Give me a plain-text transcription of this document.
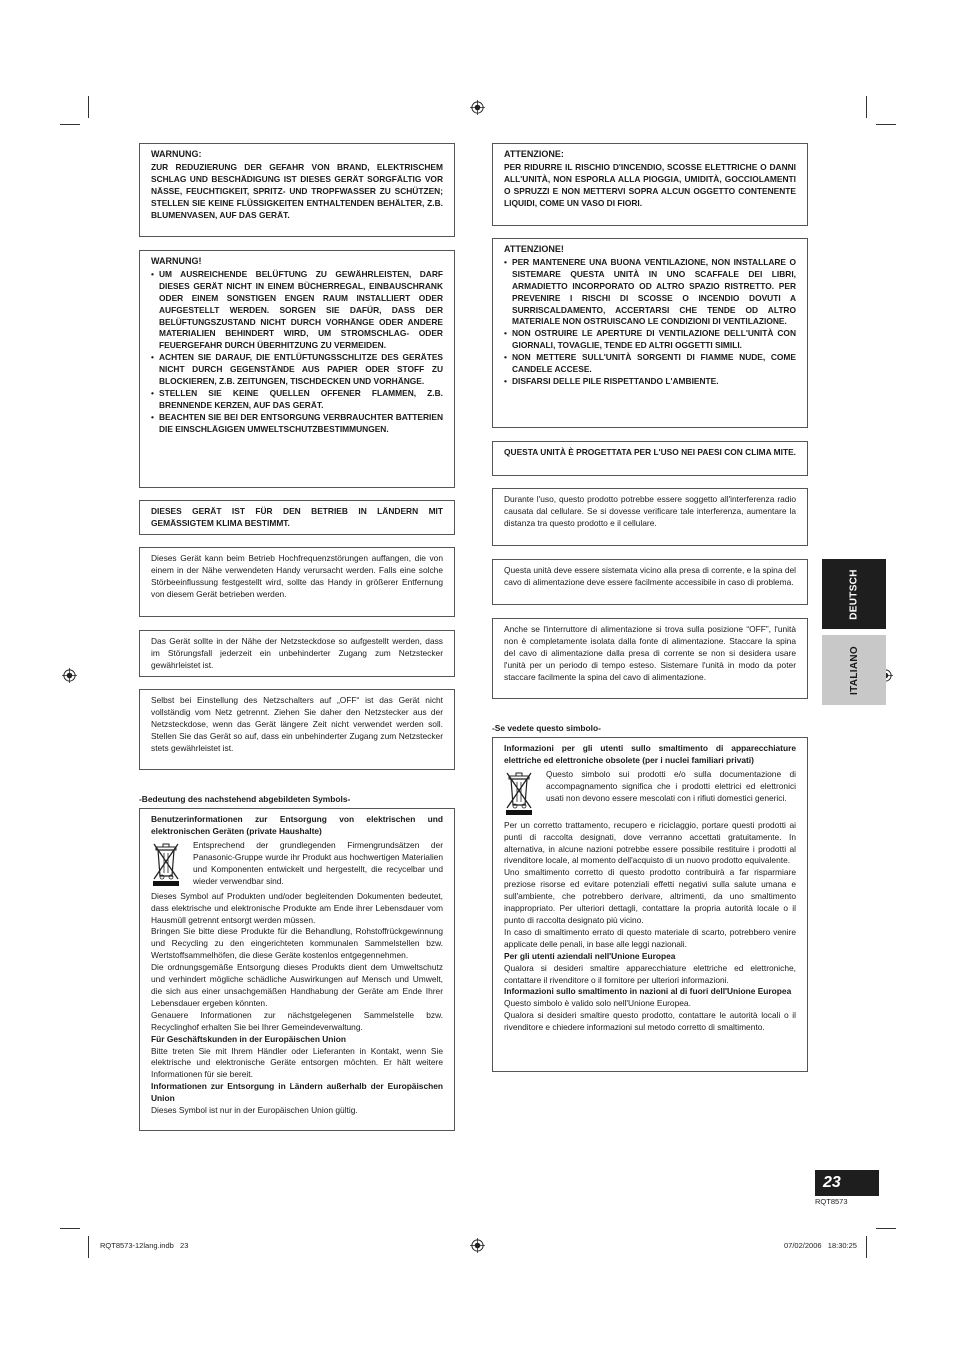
WARNUNG:
ZUR REDUZIERUNG DER GEFAHR VON BRAND, ELEKTRISCHEM SCHLAG UND BESCHÄDIGUNG IST DIESES GERÄT SORGFÄLTIG VOR NÄSSE, FEUCHTIGKEIT, SPRITZ- UND TROPFWASSER ZU SCHÜTZEN; STELLEN SIE KEINE FLÜSSIGKEITEN ENTHALTENDEN BEHÄLTER, Z.B. BLUMENVASEN, AUF DAS GERÄT.
WARNUNG!
• UM AUSREICHENDE BELÜFTUNG ZU GEWÄHRLEISTEN, DARF DIESES GERÄT NICHT IN EINEM BÜCHERREGAL, EINBAUSCHRANK ODER EINEM SONSTIGEN ENGEN RAUM INSTALLIERT ODER AUFGESTELLT WERDEN. SORGEN SIE DAFÜR, DASS DER BELÜFTUNGSZUSTAND NICHT DURCH VORHÄNGE ODER ANDERE MATERIALIEN BEHINDERT WIRD, UM STROMSCHLAG- ODER FEUERGEFAHR DURCH ÜBERHITZUNG ZU VERMEIDEN.
• ACHTEN SIE DARAUF, DIE ENTLÜFTUNGSSCHLITZE DES GERÄTES NICHT DURCH GEGENSTÄNDE AUS PAPIER ODER STOFF ZU BLOCKIEREN, Z.B. ZEITUNGEN, TISCHDECKEN UND VORHÄNGE.
• STELLEN SIE KEINE QUELLEN OFFENER FLAMMEN, Z.B. BRENNENDE KERZEN, AUF DAS GERÄT.
• BEACHTEN SIE BEI DER ENTSORGUNG VERBRAUCHTER BATTERIEN DIE EINSCHLÄGIGEN UMWELTSCHUTZBESTIMMUNGEN.
DIESES GERÄT IST FÜR DEN BETRIEB IN LÄNDERN MIT GEMÄSSIGTEM KLIMA BESTIMMT.
Dieses Gerät kann beim Betrieb Hochfrequenzstörungen auffangen, die von einem in der Nähe verwendeten Handy verursacht werden. Falls eine solche Störbeeinflussung festgestellt wird, sollte das Handy in größerer Entfernung von diesem Gerät betrieben werden.
Das Gerät sollte in der Nähe der Netzsteckdose so aufgestellt werden, dass im Störungsfall jederzeit ein unbehinderter Zugang zum Netzstecker gewährleistet ist.
Selbst bei Einstellung des Netzschalters auf „OFF“ ist das Gerät nicht vollständig vom Netz getrennt. Ziehen Sie daher den Netzstecker aus der Netzsteckdose, wenn das Gerät längere Zeit nicht verwendet werden soll. Stellen Sie das Gerät so auf, dass ein unbehinderter Zugang zum Netzstecker stets gewährleistet ist.
-Bedeutung des nachstehend abgebildeten Symbols-
Benutzerinformationen zur Entsorgung von elektrischen und elektronischen Geräten (private Haushalte)
Entsprechend der grundlegenden Firmengrundsätzen der Panasonic-Gruppe wurde ihr Produkt aus hochwertigen Materialien und Komponenten entwickelt und hergestellt, die recycelbar und wieder verwendbar sind.

Dieses Symbol auf Produkten und/oder begleitenden Dokumenten bedeutet, dass elektrische und elektronische Produkte am Ende ihrer Lebensdauer vom Hausmüll getrennt entsorgt werden müssen.

Bringen Sie bitte diese Produkte für die Behandlung, Rohstoffrückgewinnung und Recycling zu den eingerichteten kommunalen Sammelstellen bzw. Wertstoffsammelhöfen, die diese Geräte kostenlos entgegennehmen.

Die ordnungsgemäße Entsorgung dieses Produkts dient dem Umweltschutz und verhindert mögliche schädliche Auswirkungen auf Mensch und Umwelt, die sich aus einer unsachgemäßen Handhabung der Geräte am Ende Ihrer Lebensdauer ergeben könnten.

Genauere Informationen zur nächstgelegenen Sammelstelle bzw. Recyclinghof erhalten Sie bei Ihrer Gemeindeverwaltung.

Für Geschäftskunden in der Europäischen Union

Bitte treten Sie mit Ihrem Händler oder Lieferanten in Kontakt, wenn Sie elektrische und elektronische Geräte entsorgen möchten. Er hält weitere Informationen für sie bereit.

Informationen zur Entsorgung in Ländern außerhalb der Europäischen Union

Dieses Symbol ist nur in der Europäischen Union gültig.

ATTENZIONE:
PER RIDURRE IL RISCHIO D'INCENDIO, SCOSSE ELETTRICHE O DANNI ALL'UNITÀ, NON ESPORLA ALLA PIOGGIA, UMIDITÀ, GOCCIOLAMENTI O SPRUZZI E NON METTERVI SOPRA ALCUN OGGETTO CONTENENTE LIQUIDI, COME UN VASO DI FIORI.
ATTENZIONE!
• PER MANTENERE UNA BUONA VENTILAZIONE, NON INSTALLARE O SISTEMARE QUESTA UNITÀ IN UNO SCAFFALE DEI LIBRI, ARMADIETTO INCORPORATO OD ALTRO SPAZIO RISTRETTO. PER PREVENIRE I RISCHI DI SCOSSE O INCENDIO DOVUTI A SURRISCALDAMENTO, ACCERTARSI CHE TENDE OD ALTRO MATERIALE NON OSTRUISCANO LE CONDIZIONI DI VENTILAZIONE.
• NON OSTRUIRE LE APERTURE DI VENTILAZIONE DELL'UNITÀ CON GIORNALI, TOVAGLIE, TENDE ED ALTRI OGGETTI SIMILI.
• NON METTERE SULL'UNITÀ SORGENTI DI FIAMME NUDE, COME CANDELE ACCESE.
• DISFARSI DELLE PILE RISPETTANDO L'AMBIENTE.
QUESTA UNITÀ È PROGETTATA PER L'USO NEI PAESI CON CLIMA MITE.
Durante l'uso, questo prodotto potrebbe essere soggetto all'interferenza radio causata dal cellulare. Se si dovesse verificare tale interferenza, aumentare la distanza tra questo prodotto e il cellulare.
Questa unità deve essere sistemata vicino alla presa di corrente, e la spina del cavo di alimentazione deve essere facilmente accessibile in caso di problema.
Anche se l'interruttore di alimentazione si trova sulla posizione “OFF”, l'unità non è completamente isolata dalla fonte di alimentazione. Staccare la spina del cavo di alimentazione dalla presa di corrente se non si desidera usare l'unità per un periodo di tempo esteso. Sistemare l'unità in modo da poter staccare facilmente la spina del cavo di alimentazione.
-Se vedete questo simbolo-
Informazioni per gli utenti sullo smaltimento di apparecchiature elettriche ed elettroniche obsolete (per i nuclei familiari privati)
Questo simbolo sui prodotti e/o sulla documentazione di accompagnamento significa che i prodotti elettrici ed elettronici usati non devono essere mescolati con i rifiuti domestici generici.

Per un corretto trattamento, recupero e riciclaggio, portare questi prodotti ai punti di raccolta designati, dove verranno accettati gratuitamente. In alternativa, in alcune nazioni potrebbe essere possibile restituire i prodotti al rivenditore locale, al momento dell'acquisto di un nuovo prodotto equivalente.

Uno smaltimento corretto di questo prodotto contribuirà a far risparmiare preziose risorse ed evitare potenziali effetti negativi sulla salute umana e sull'ambiente, che potrebbero derivare, altrimenti, da uno smaltimento inappropriato. Per ulteriori dettagli, contattare la propria autorità locale o il punto di raccolta designato più vicino.

In caso di smaltimento errato di questo materiale di scarto, potrebbero venire applicate delle penali, in base alle leggi nazionali.

Per gli utenti aziendali nell'Unione Europea

Qualora si desideri smaltire apparecchiature elettriche ed elettroniche, contattare il rivenditore o il fornitore per ulteriori informazioni.

Informazioni sullo smaltimento in nazioni al di fuori dell'Unione Europea

Questo simbolo è valido solo nell'Unione Europea.

Qualora si desideri smaltire questo prodotto, contattare le autorità locali o il rivenditore e chiedere informazioni sul metodo corretto di smaltimento.

DEUTSCH
ITALIANO
23
RQT8573
RQT8573-12lang.indb   23	07/02/2006   18:30:25
